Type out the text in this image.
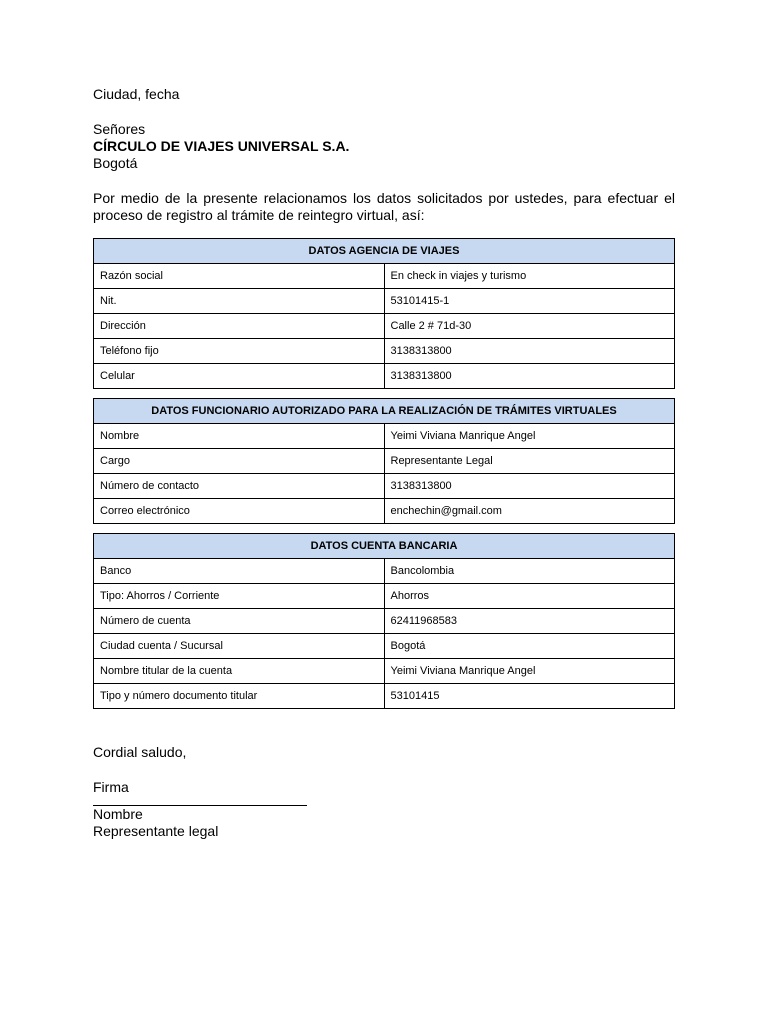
Ciudad, fecha

Señores

CÍRCULO DE VIAJES UNIVERSAL S.A.

Bogotá

Por medio de la presente relacionamos los datos solicitados por ustedes, para efectuar el proceso de registro al trámite de reintegro virtual, así:

DATOS AGENCIA DE VIAJES	
Razón social	En check in viajes y turismo
Nit.	53101415-1
Dirección	Calle 2 # 71d-30
Teléfono fijo	3138313800
Celular	3138313800
DATOS FUNCIONARIO AUTORIZADO PARA LA REALIZACIÓN DE TRÁMITES VIRTUALES	
Nombre	Yeimi Viviana Manrique Angel
Cargo	Representante Legal
Número de contacto	3138313800
Correo electrónico	enchechin@gmail.com
DATOS CUENTA BANCARIA	
Banco	Bancolombia
Tipo: Ahorros / Corriente	Ahorros
Número de cuenta	62411968583
Ciudad cuenta / Sucursal	Bogotá
Nombre titular de la cuenta	Yeimi Viviana Manrique Angel
Tipo y número documento titular	53101415

Cordial saludo,

Firma

Nombre

Representante legal
